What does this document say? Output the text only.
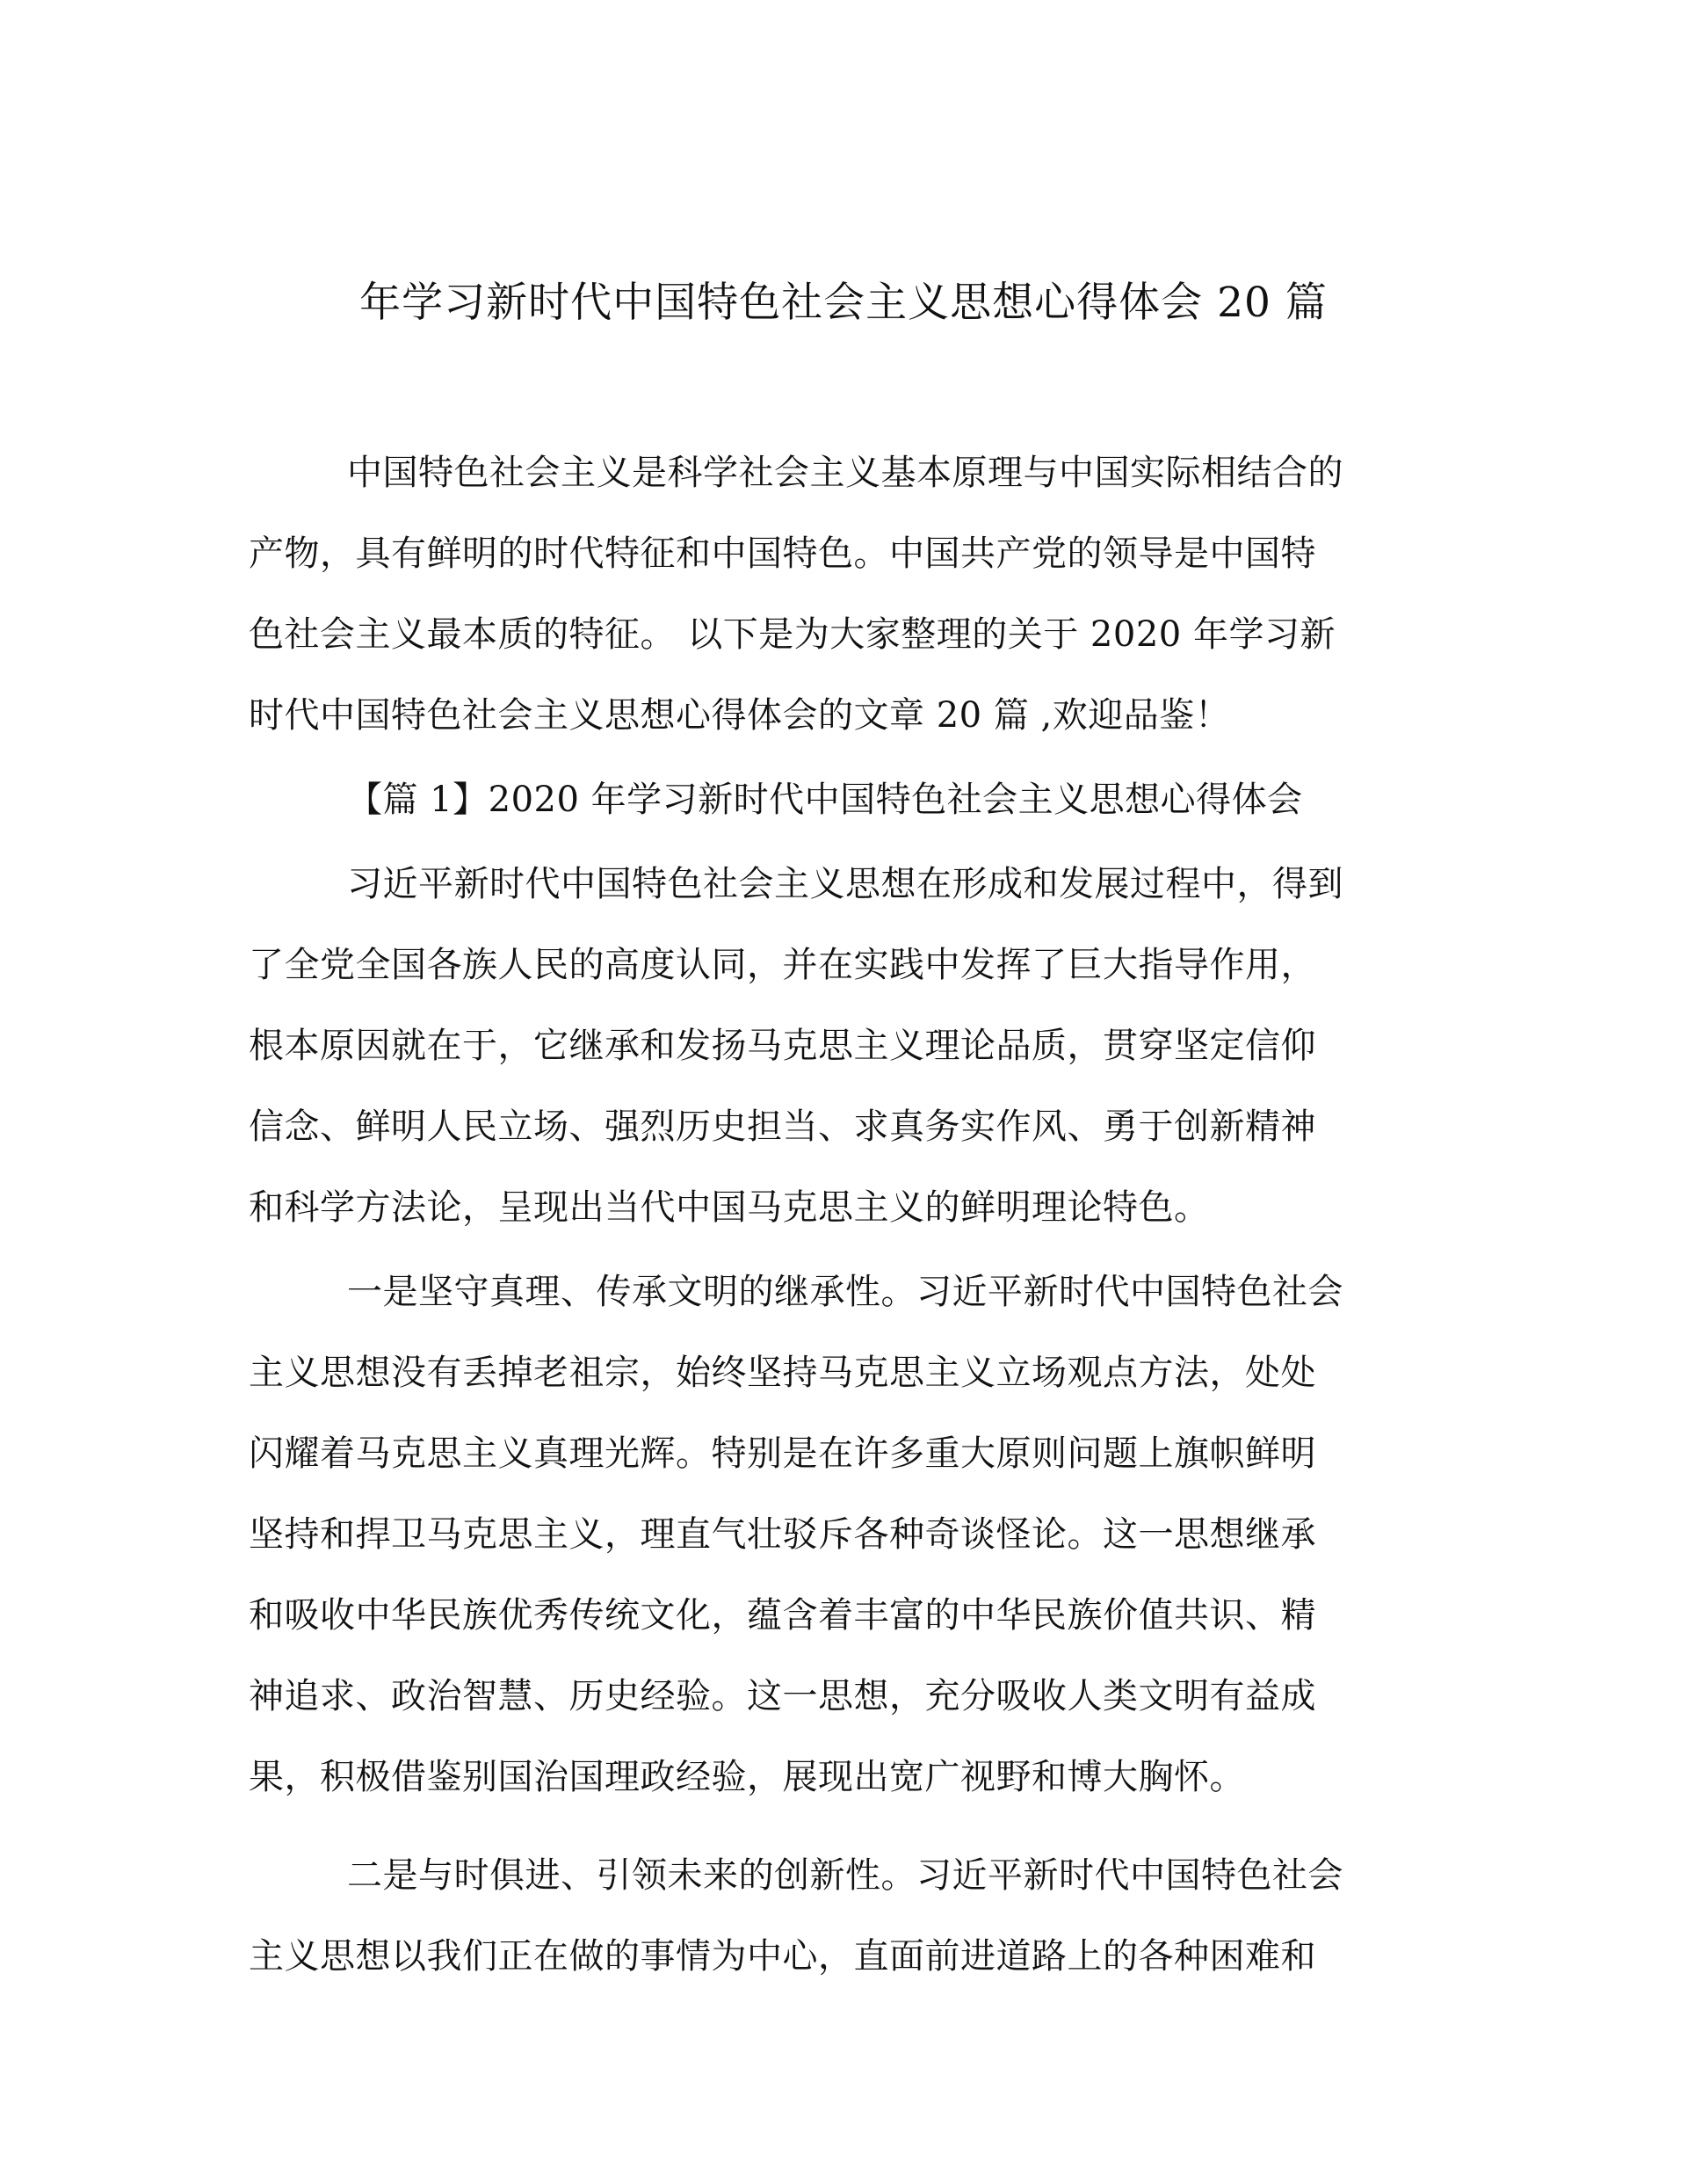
年学习新时代中国特色社会主义思想心得体会 20 篇
中国特色社会主义是科学社会主义基本原理与中国实际相结合的
产物，具有鲜明的时代特征和中国特色。中国共产党的领导是中国特
色社会主义最本质的特征。 以下是为大家整理的关于 2020 年学习新
时代中国特色社会主义思想心得体会的文章 20 篇 ,欢迎品鉴！
【篇 1】2020 年学习新时代中国特色社会主义思想心得体会
习近平新时代中国特色社会主义思想在形成和发展过程中，得到
了全党全国各族人民的高度认同，并在实践中发挥了巨大指导作用，
根本原因就在于，它继承和发扬马克思主义理论品质，贯穿坚定信仰
信念、鲜明人民立场、强烈历史担当、求真务实作风、勇于创新精神
和科学方法论，呈现出当代中国马克思主义的鲜明理论特色。
一是坚守真理、传承文明的继承性。习近平新时代中国特色社会
主义思想没有丢掉老祖宗，始终坚持马克思主义立场观点方法，处处
闪耀着马克思主义真理光辉。特别是在许多重大原则问题上旗帜鲜明
坚持和捍卫马克思主义，理直气壮驳斥各种奇谈怪论。这一思想继承
和吸收中华民族优秀传统文化，蕴含着丰富的中华民族价值共识、精
神追求、政治智慧、历史经验。这一思想，充分吸收人类文明有益成
果，积极借鉴别国治国理政经验，展现出宽广视野和博大胸怀。
二是与时俱进、引领未来的创新性。习近平新时代中国特色社会
主义思想以我们正在做的事情为中心，直面前进道路上的各种困难和
